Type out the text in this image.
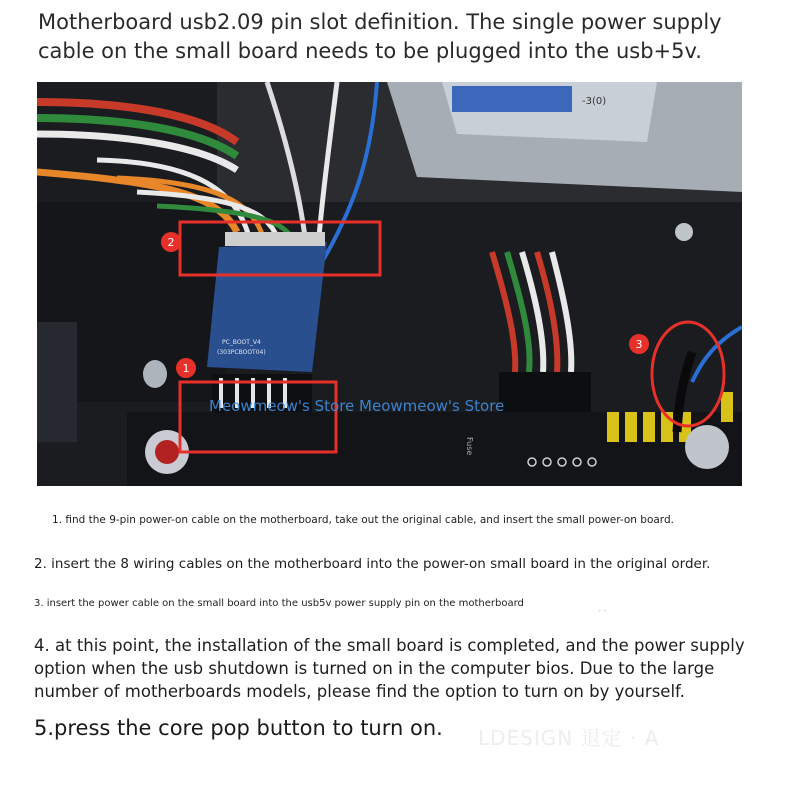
Motherboard usb2.09 pin slot definition. The single power supply cable on the small board needs to be plugged into the usb+5v.
-3(0)
PC_BOOT_V4
(303PCBOOT04)
Fuse
1
2
3
Meowmeow's Store Meowmeow's Store
1. find the 9-pin power-on cable on the motherboard, take out the original cable, and insert the small power-on board.
2. insert the 8 wiring cables on the motherboard into the power-on small board in the original order.
3. insert the power cable on the small board into the usb5v power supply pin on the motherboard
- -
4. at this point, the installation of the small board is completed, and the power supply option when the usb shutdown is turned on in the computer bios. Due to the large number of motherboards models, please find the option to turn on by yourself.
5.press the core pop button to turn on. LDESIGN 退定 · A
